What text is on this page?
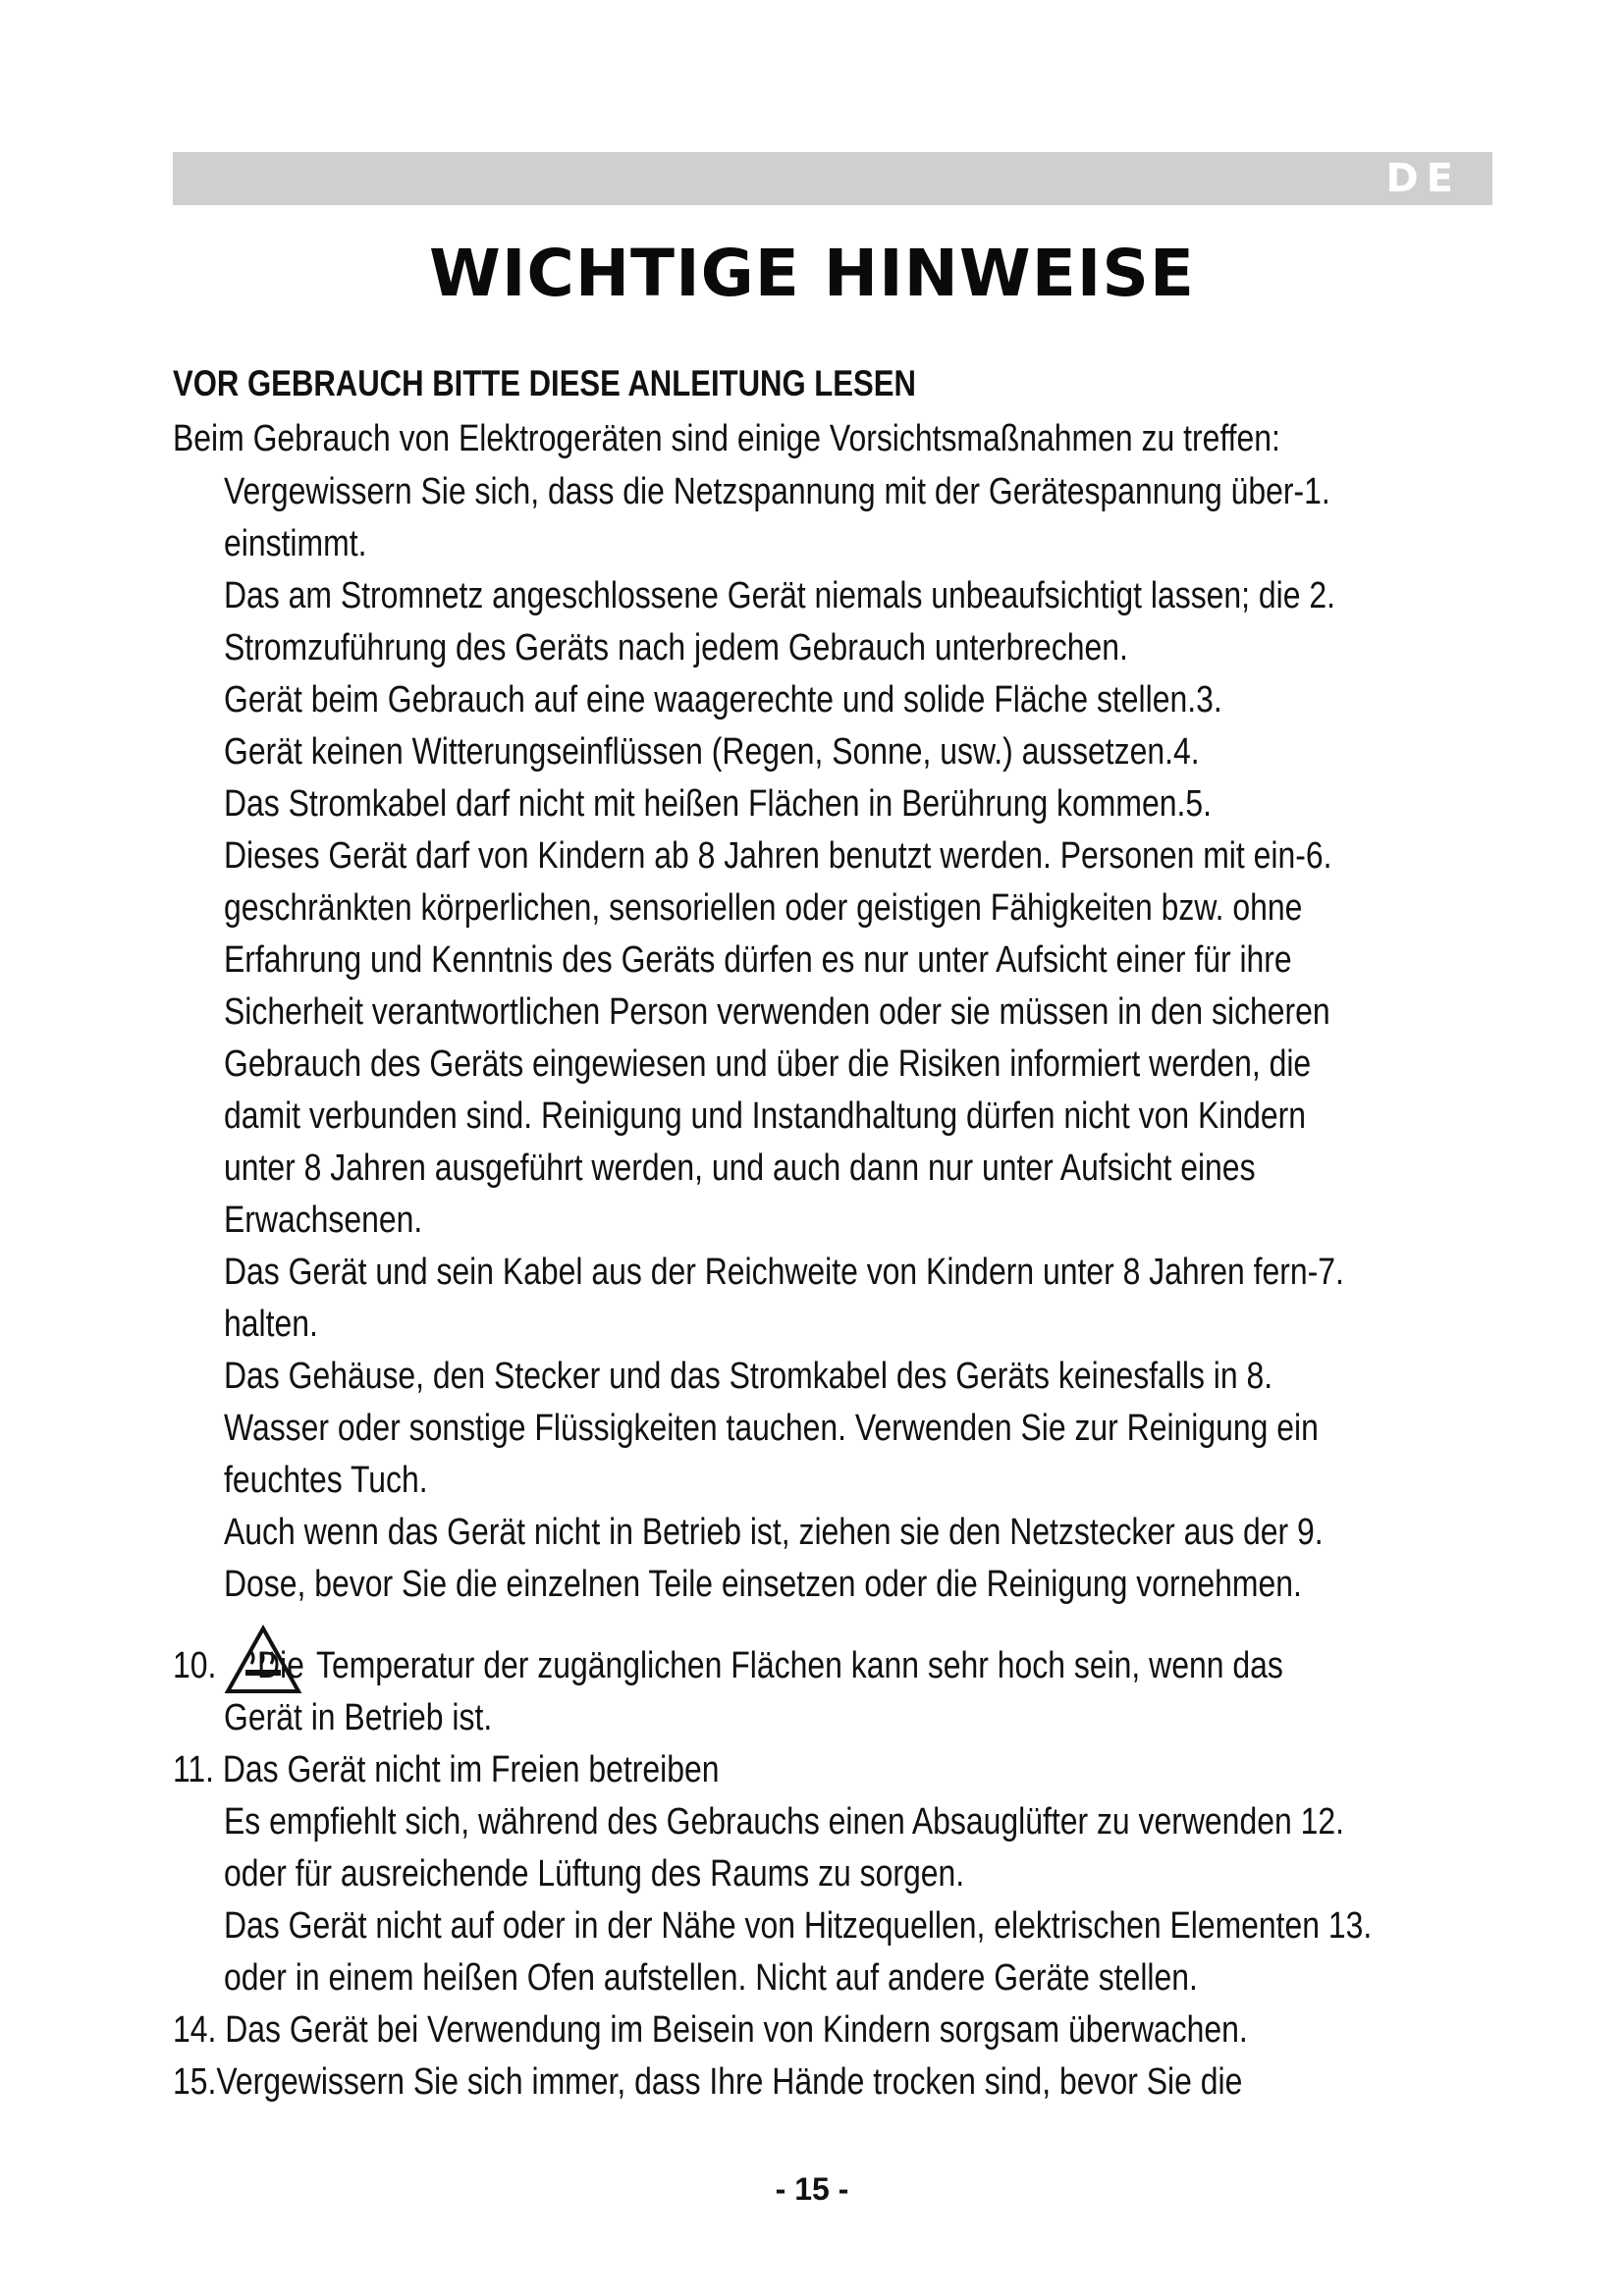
DE
WICHTIGE HINWEISE
VOR GEBRAUCH BITTE DIESE ANLEITUNG LESEN
Beim Gebrauch von Elektrogeräten sind einige Vorsichtsmaßnahmen zu treffen:
Vergewissern Sie sich, dass die Netzspannung mit der Gerätespannung über-1.
einstimmt.
Das am Stromnetz angeschlossene Gerät niemals unbeaufsichtigt lassen; die 2.
Stromzuführung des Geräts nach jedem Gebrauch unterbrechen.
Gerät beim Gebrauch auf eine waagerechte und solide Fläche stellen.3.
Gerät keinen Witterungseinflüssen (Regen, Sonne, usw.) aussetzen.4.
Das Stromkabel darf nicht mit heißen Flächen in Berührung kommen.5.
Dieses Gerät darf von Kindern ab 8 Jahren benutzt werden. Personen mit ein-6.
geschränkten körperlichen, sensoriellen oder geistigen Fähigkeiten bzw. ohne
Erfahrung und Kenntnis des Geräts dürfen es nur unter Aufsicht einer für ihre
Sicherheit verantwortlichen Person verwenden oder sie müssen in den sicheren
Gebrauch des Geräts eingewiesen und über die Risiken informiert werden, die
damit verbunden sind. Reinigung und Instandhaltung dürfen nicht von Kindern
unter 8 Jahren ausgeführt werden, und auch dann nur unter Aufsicht eines
Erwachsenen.
Das Gerät und sein Kabel aus der Reichweite von Kindern unter 8 Jahren fern-7.
halten.
Das Gehäuse, den Stecker und das Stromkabel des Geräts keinesfalls in 8.
Wasser oder sonstige Flüssigkeiten tauchen. Verwenden Sie zur Reinigung ein
feuchtes Tuch.
Auch wenn das Gerät nicht in Betrieb ist, ziehen sie den Netzstecker aus der 9.
Dose, bevor Sie die einzelnen Teile einsetzen oder die Reinigung vornehmen.
10. Die Temperatur der zugänglichen Flächen kann sehr hoch sein, wenn das
Gerät in Betrieb ist.
11. Das Gerät nicht im Freien betreiben
Es empfiehlt sich, während des Gebrauchs einen Absauglüfter zu verwenden 12.
oder für ausreichende Lüftung des Raums zu sorgen.
Das Gerät nicht auf oder in der Nähe von Hitzequellen, elektrischen Elementen 13.
oder in einem heißen Ofen aufstellen. Nicht auf andere Geräte stellen.
14. Das Gerät bei Verwendung im Beisein von Kindern sorgsam überwachen.
15.Vergewissern Sie sich immer, dass Ihre Hände trocken sind, bevor Sie die
- 15 -
